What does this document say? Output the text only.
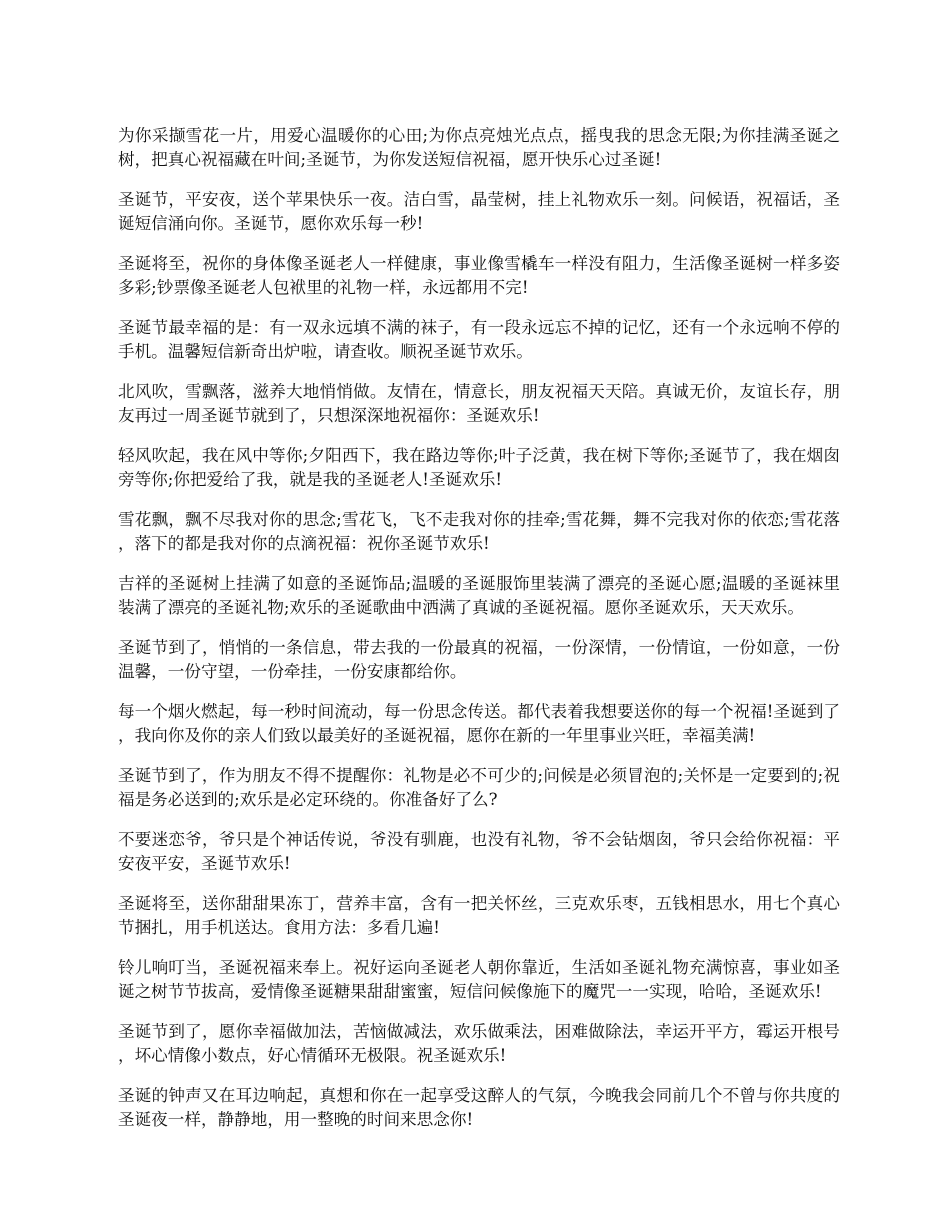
为你采撷雪花一片，用爱心温暖你的心田;为你点亮烛光点点，摇曳我的思念无限;为你挂满圣诞之树，把真心祝福藏在叶间;圣诞节，为你发送短信祝福，愿开快乐心过圣诞!

圣诞节，平安夜，送个苹果快乐一夜。洁白雪，晶莹树，挂上礼物欢乐一刻。问候语，祝福话，圣诞短信涌向你。圣诞节，愿你欢乐每一秒!

圣诞将至，祝你的身体像圣诞老人一样健康，事业像雪橇车一样没有阻力，生活像圣诞树一样多姿多彩;钞票像圣诞老人包袱里的礼物一样，永远都用不完!

圣诞节最幸福的是：有一双永远填不满的袜子，有一段永远忘不掉的记忆，还有一个永远响不停的手机。温馨短信新奇出炉啦，请查收。顺祝圣诞节欢乐。

北风吹，雪飘落，滋养大地悄悄做。友情在，情意长，朋友祝福天天陪。真诚无价，友谊长存，朋友再过一周圣诞节就到了，只想深深地祝福你：圣诞欢乐!

轻风吹起，我在风中等你;夕阳西下，我在路边等你;叶子泛黄，我在树下等你;圣诞节了，我在烟囱旁等你;你把爱给了我，就是我的圣诞老人!圣诞欢乐!

雪花飘，飘不尽我对你的思念;雪花飞，飞不走我对你的挂牵;雪花舞，舞不完我对你的依恋;雪花落，落下的都是我对你的点滴祝福：祝你圣诞节欢乐!

吉祥的圣诞树上挂满了如意的圣诞饰品;温暖的圣诞服饰里装满了漂亮的圣诞心愿;温暖的圣诞袜里装满了漂亮的圣诞礼物;欢乐的圣诞歌曲中洒满了真诚的圣诞祝福。愿你圣诞欢乐，天天欢乐。

圣诞节到了，悄悄的一条信息，带去我的一份最真的祝福，一份深情，一份情谊，一份如意，一份温馨，一份守望，一份牵挂，一份安康都给你。

每一个烟火燃起，每一秒时间流动，每一份思念传送。都代表着我想要送你的每一个祝福!圣诞到了，我向你及你的亲人们致以最美好的圣诞祝福，愿你在新的一年里事业兴旺，幸福美满!

圣诞节到了，作为朋友不得不提醒你：礼物是必不可少的;问候是必须冒泡的;关怀是一定要到的;祝福是务必送到的;欢乐是必定环绕的。你准备好了么?

不要迷恋爷，爷只是个神话传说，爷没有驯鹿，也没有礼物，爷不会钻烟囱，爷只会给你祝福：平安夜平安，圣诞节欢乐!

圣诞将至，送你甜甜果冻丁，营养丰富，含有一把关怀丝，三克欢乐枣，五钱相思水，用七个真心节捆扎，用手机送达。食用方法：多看几遍!

铃儿响叮当，圣诞祝福来奉上。祝好运向圣诞老人朝你靠近，生活如圣诞礼物充满惊喜，事业如圣诞之树节节拔高，爱情像圣诞糖果甜甜蜜蜜，短信问候像施下的魔咒一一实现，哈哈，圣诞欢乐!

圣诞节到了，愿你幸福做加法，苦恼做减法，欢乐做乘法，困难做除法，幸运开平方，霉运开根号，坏心情像小数点，好心情循环无极限。祝圣诞欢乐!

圣诞的钟声又在耳边响起，真想和你在一起享受这醉人的气氛，今晚我会同前几个不曾与你共度的圣诞夜一样，静静地，用一整晚的时间来思念你!
